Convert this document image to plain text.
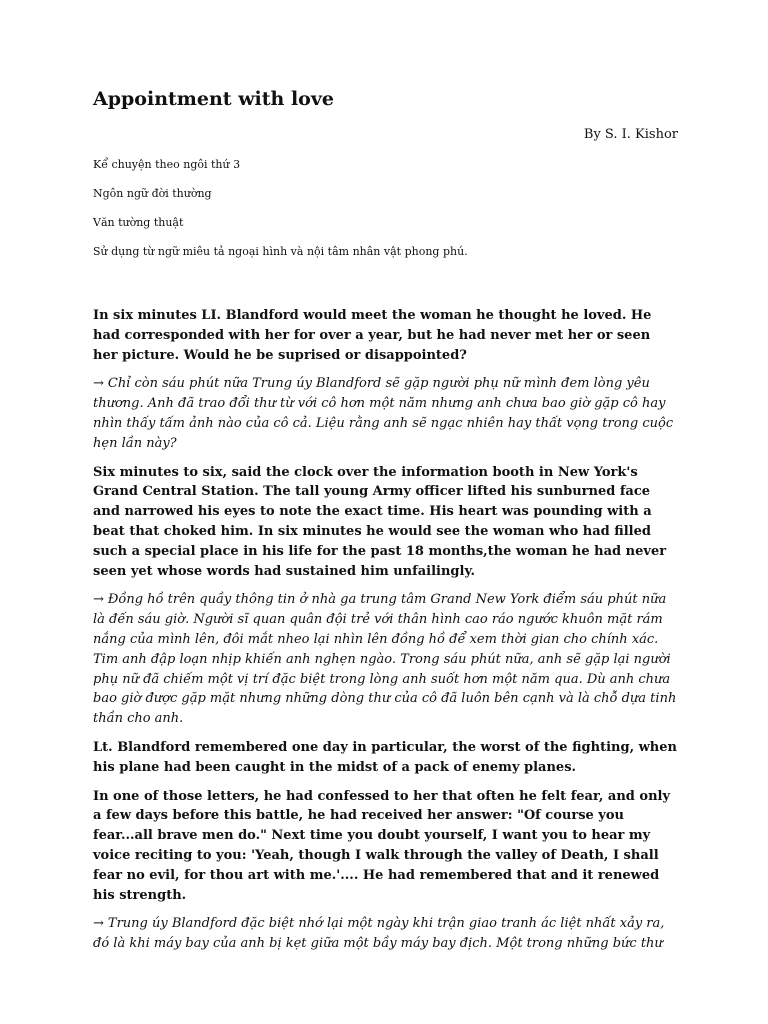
Appointment with love
By S. I. Kishor

Kể chuyện theo ngôi thứ 3

Ngôn ngữ đời thường

Văn tường thuật

Sử dụng từ ngữ miêu tả ngoại hình và nội tâm nhân vật phong phú.

In six minutes LI. Blandford would meet the woman he thought he loved. He had corresponded with her for over a year, but he had never met her or seen her picture. Would he be suprised or disappointed?

→ Chỉ còn sáu phút nữa Trung úy Blandford sẽ gặp người phụ nữ mình đem lòng yêu thương. Anh đã trao đổi thư từ với cô hơn một năm nhưng anh chưa bao giờ gặp cô hay nhìn thấy tấm ảnh nào của cô cả. Liệu rằng anh sẽ ngạc nhiên hay thất vọng trong cuộc hẹn lần này?

Six minutes to six, said the clock over the information booth in New York's Grand Central Station. The tall young Army officer lifted his sunburned face and narrowed his eyes to note the exact time. His heart was pounding with a beat that choked him. In six minutes he would see the woman who had filled such a special place in his life for the past 18 months,the woman he had never seen yet whose words had sustained him unfailingly.

→ Đồng hồ trên quầy thông tin ở nhà ga trung tâm Grand New York điểm sáu phút nữa là đến sáu giờ. Người sĩ quan quân đội trẻ với thân hình cao ráo ngước khuôn mặt rám nắng của mình lên, đôi mắt nheo lại nhìn lên đồng hồ để xem thời gian cho chính xác. Tim anh đập loạn nhịp khiến anh nghẹn ngào. Trong sáu phút nữa, anh sẽ gặp lại người phụ nữ đã chiếm một vị trí đặc biệt trong lòng anh suốt hơn một năm qua. Dù anh chưa bao giờ được gặp mặt nhưng những dòng thư của cô đã luôn bên cạnh và là chỗ dựa tinh thần cho anh.

Lt. Blandford remembered one day in particular, the worst of the fighting, when his plane had been caught in the midst of a pack of enemy planes.

In one of those letters, he had confessed to her that often he felt fear, and only a few days before this battle, he had received her answer: "Of course you fear...all brave men do." Next time you doubt yourself, I want you to hear my voice reciting to you: 'Yeah, though I walk through the valley of Death, I shall fear no evil, for thou art with me.'.... He had remembered that and it renewed his strength.

→ Trung úy Blandford đặc biệt nhớ lại một ngày khi trận giao tranh ác liệt nhất xảy ra, đó là khi máy bay của anh bị kẹt giữa một bầy máy bay địch. Một trong những bức thư
